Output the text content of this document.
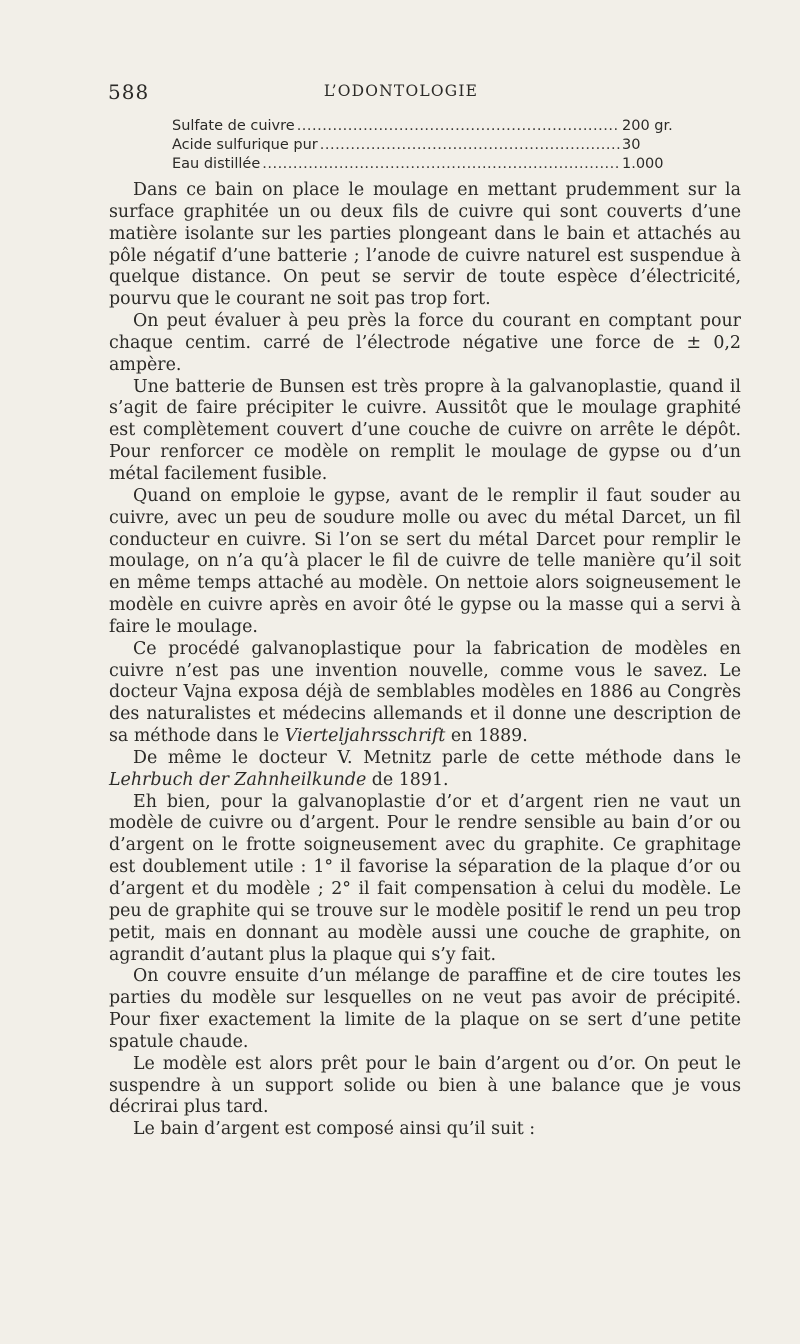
588	L’ODONTOLOGIE
Sulfate de cuivre .....	200 gr.
Acide sulfurique pur .....	30
Eau distillée .....	1.000

Dans ce bain on place le moulage en mettant prudemment sur la surface graphitée un ou deux fils de cuivre qui sont couverts d’une matière isolante sur les parties plongeant dans le bain et attachés au pôle négatif d’une batterie ; l’anode de cuivre naturel est suspendue à quelque distance. On peut se servir de toute espèce d’électricité, pourvu que le courant ne soit pas trop fort.

On peut évaluer à peu près la force du courant en comptant pour chaque centim. carré de l’électrode négative une force de ± 0,2 ampère.

Une batterie de Bunsen est très propre à la galvanoplastie, quand il s’agit de faire précipiter le cuivre. Aussitôt que le moulage graphité est complètement couvert d’une couche de cuivre on arrête le dépôt. Pour renforcer ce modèle on remplit le moulage de gypse ou d’un métal facilement fusible.

Quand on emploie le gypse, avant de le remplir il faut souder au cuivre, avec un peu de soudure molle ou avec du métal Darcet, un fil conducteur en cuivre. Si l’on se sert du métal Darcet pour remplir le moulage, on n’a qu’à placer le fil de cuivre de telle manière qu’il soit en même temps attaché au modèle. On nettoie alors soigneusement le modèle en cuivre après en avoir ôté le gypse ou la masse qui a servi à faire le moulage.

Ce procédé galvanoplastique pour la fabrication de modèles en cuivre n’est pas une invention nouvelle, comme vous le savez. Le docteur Vajna exposa déjà de semblables modèles en 1886 au Congrès des naturalistes et médecins allemands et il donne une description de sa méthode dans le Vierteljahrsschrift en 1889.

De même le docteur V. Metnitz parle de cette méthode dans le Lehrbuch der Zahnheilkunde de 1891.

Eh bien, pour la galvanoplastie d’or et d’argent rien ne vaut un modèle de cuivre ou d’argent. Pour le rendre sensible au bain d’or ou d’argent on le frotte soigneusement avec du graphite. Ce graphitage est doublement utile : 1° il favorise la séparation de la plaque d’or ou d’argent et du modèle ; 2° il fait compensation à celui du modèle. Le peu de graphite qui se trouve sur le modèle positif le rend un peu trop petit, mais en donnant au modèle aussi une couche de graphite, on agrandit d’autant plus la plaque qui s’y fait.

On couvre ensuite d’un mélange de paraffine et de cire toutes les parties du modèle sur lesquelles on ne veut pas avoir de précipité. Pour fixer exactement la limite de la plaque on se sert d’une petite spatule chaude.

Le modèle est alors prêt pour le bain d’argent ou d’or. On peut le suspendre à un support solide ou bien à une balance que je vous décrirai plus tard.

Le bain d’argent est composé ainsi qu’il suit :
